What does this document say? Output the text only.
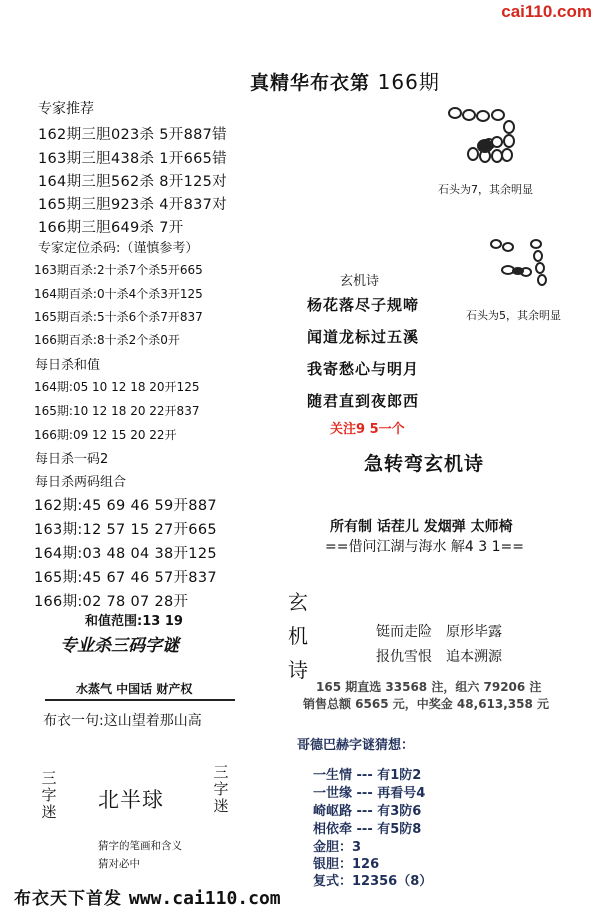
cai110.com
真精华布衣第 166期
专家推荐
162期三胆023杀 5开887错
163期三胆438杀 1开665错
164期三胆562杀 8开125对
165期三胆923杀 4开837对
166期三胆649杀 7开
专家定位杀码:（谨慎参考）
163期百杀:2十杀7个杀5开665
164期百杀:0十杀4个杀3开125
165期百杀:5十杀6个杀7开837
166期百杀:8十杀2个杀0开
每日杀和值
164期:05 10 12 18 20开125
165期:10 12 18 20 22开837
166期:09 12 15 20 22开
每日杀一码2
每日杀两码组合
162期:45 69 46 59开887
163期:12 57 15 27开665
164期:03 48 04 38开125
165期:45 67 46 57开837
166期:02 78 07 28开
和值范围:13 19
专业杀三码字谜
水蒸气 中国话 财产权
布衣一句:这山望着那山高
三字迷 北半球
三字迷
猜字的笔画和含义
猜对必中
石头为7，其余明显
石头为5，其余明显
玄机诗
杨花落尽子规啼
闻道龙标过五溪
我寄愁心与明月
随君直到夜郎西
关注9 5一个
急转弯玄机诗
所有制 话茬儿 发烟弹 太师椅
==借问江湖与海水 解4 3 1==
玄机诗
铤而走险　原形毕露
报仇雪恨　追本溯源
165 期直选 33568 注，组六 79206 注
销售总额 6565 元，中奖金 48,613,358 元
哥德巴赫字谜猜想：
一生情 --- 有1防2
一世缘 --- 再看号4
崎岖路 --- 有3防6
相依牵 --- 有5防8
金胆：3
银胆：126
复式：12356（8）
布衣天下首发 www.cai110.com
